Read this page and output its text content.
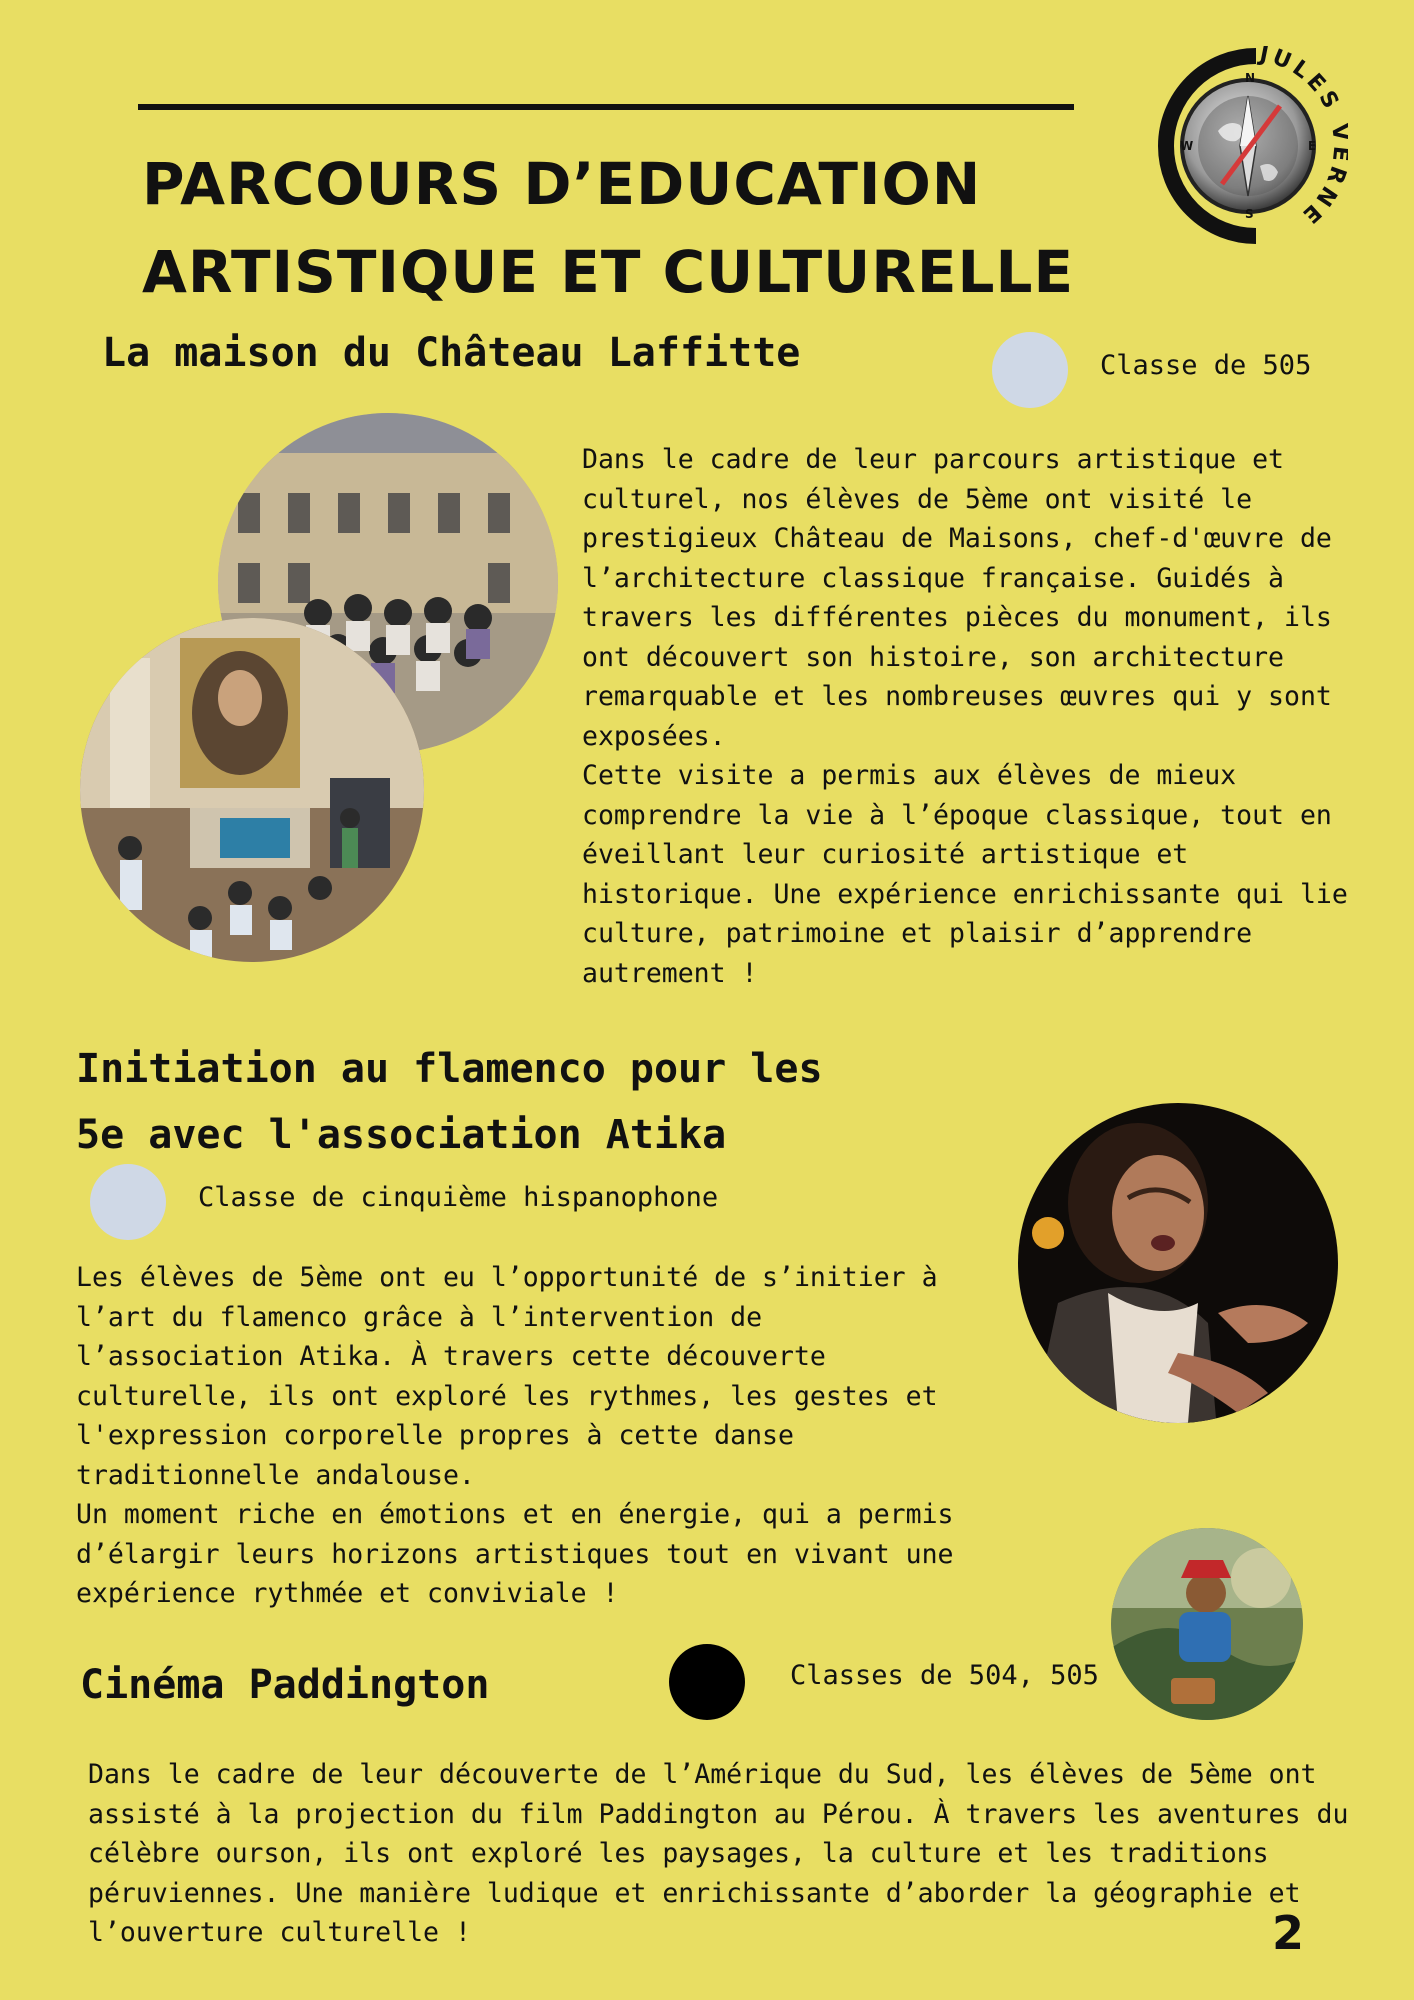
PARCOURS D’EDUCATION
ARTISTIQUE ET CULTURELLE
N
S
E
W
JULES RNE
La maison du Château Laffitte	Classe de 505
Dans le cadre de leur parcours artistique et
culturel, nos élèves de 5ème ont visité le
prestigieux Château de Maisons, chef-d'œuvre de
l’architecture classique française. Guidés à
travers les différentes pièces du monument, ils
ont découvert son histoire, son architecture
remarquable et les nombreuses œuvres qui y sont
exposées.
Cette visite a permis aux élèves de mieux
comprendre la vie à l’époque classique, tout en
éveillant leur curiosité artistique et
historique. Une expérience enrichissante qui lie
culture, patrimoine et plaisir d’apprendre
autrement !
Initiation au flamenco pour les
5e avec l'association Atika
Classe de cinquième hispanophone
Les élèves de 5ème ont eu l’opportunité de s’initier à
l’art du flamenco grâce à l’intervention de
l’association Atika. À travers cette découverte
culturelle, ils ont exploré les rythmes, les gestes et
l'expression corporelle propres à cette danse
traditionnelle andalouse.
Un moment riche en émotions et en énergie, qui a permis
d’élargir leurs horizons artistiques tout en vivant une
expérience rythmée et conviviale !
Cinéma Paddington	Classes de 504, 505
Dans le cadre de leur découverte de l’Amérique du Sud, les élèves de 5ème ont
assisté à la projection du film Paddington au Pérou. À travers les aventures du
célèbre ourson, ils ont exploré les paysages, la culture et les traditions
péruviennes. Une manière ludique et enrichissante d’aborder la géographie et
l’ouverture culturelle !	2
